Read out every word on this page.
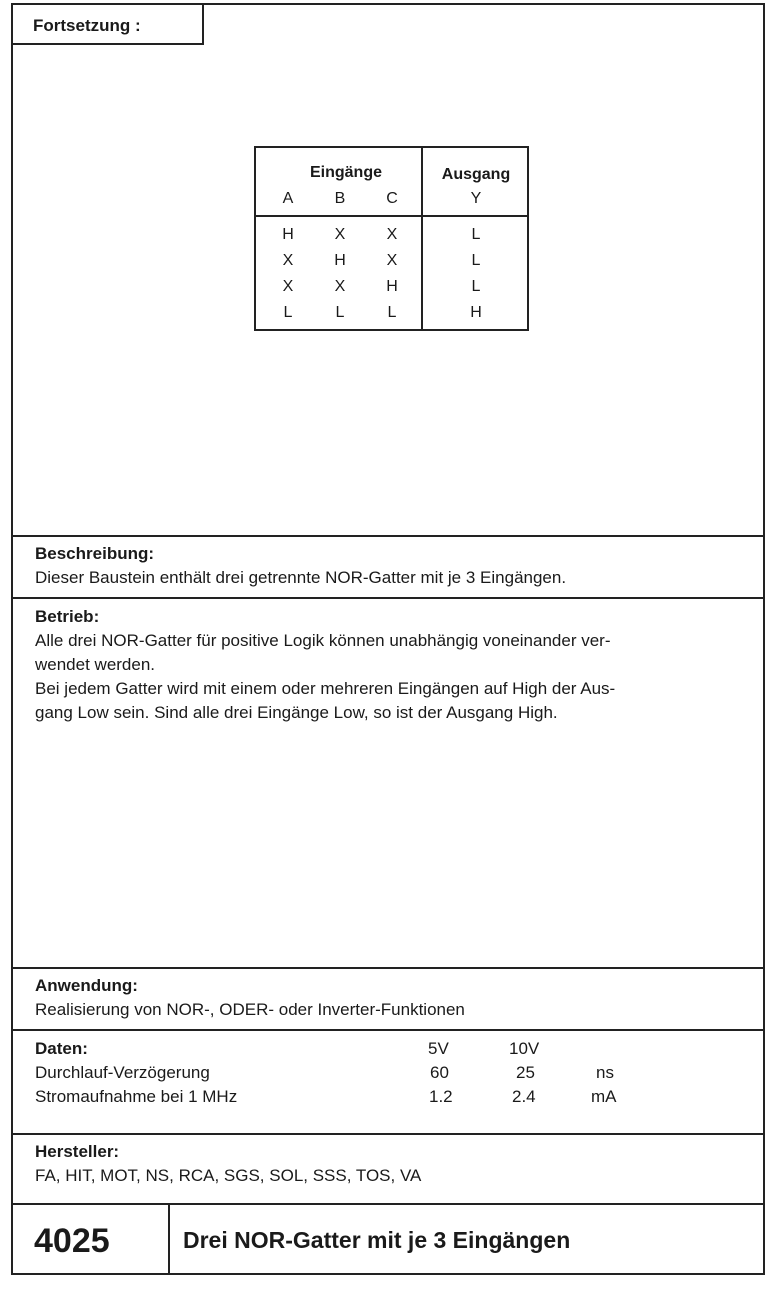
Fortsetzung :
Eingänge	Ausgang
A	B	C	Y
H	X	X	L
X	H	X	L
X	X	H	L
L	L	L	H
Beschreibung:
Dieser Baustein enthält drei getrennte NOR-Gatter mit je 3 Eingängen.
Betrieb:
Alle drei NOR-Gatter für positive Logik können unabhängig voneinander ver-
wendet werden.
Bei jedem Gatter wird mit einem oder mehreren Eingängen auf High der Aus-
gang Low sein. Sind alle drei Eingänge Low, so ist der Ausgang High.
Anwendung:
Realisierung von NOR-, ODER- oder Inverter-Funktionen
Daten:	5V	10V
Durchlauf-Verzögerung	60	25	ns
Stromaufnahme bei 1 MHz	1.2	2.4	mA
Hersteller:
FA, HIT, MOT, NS, RCA, SGS, SOL, SSS, TOS, VA
4025	Drei NOR-Gatter mit je 3 Eingängen
